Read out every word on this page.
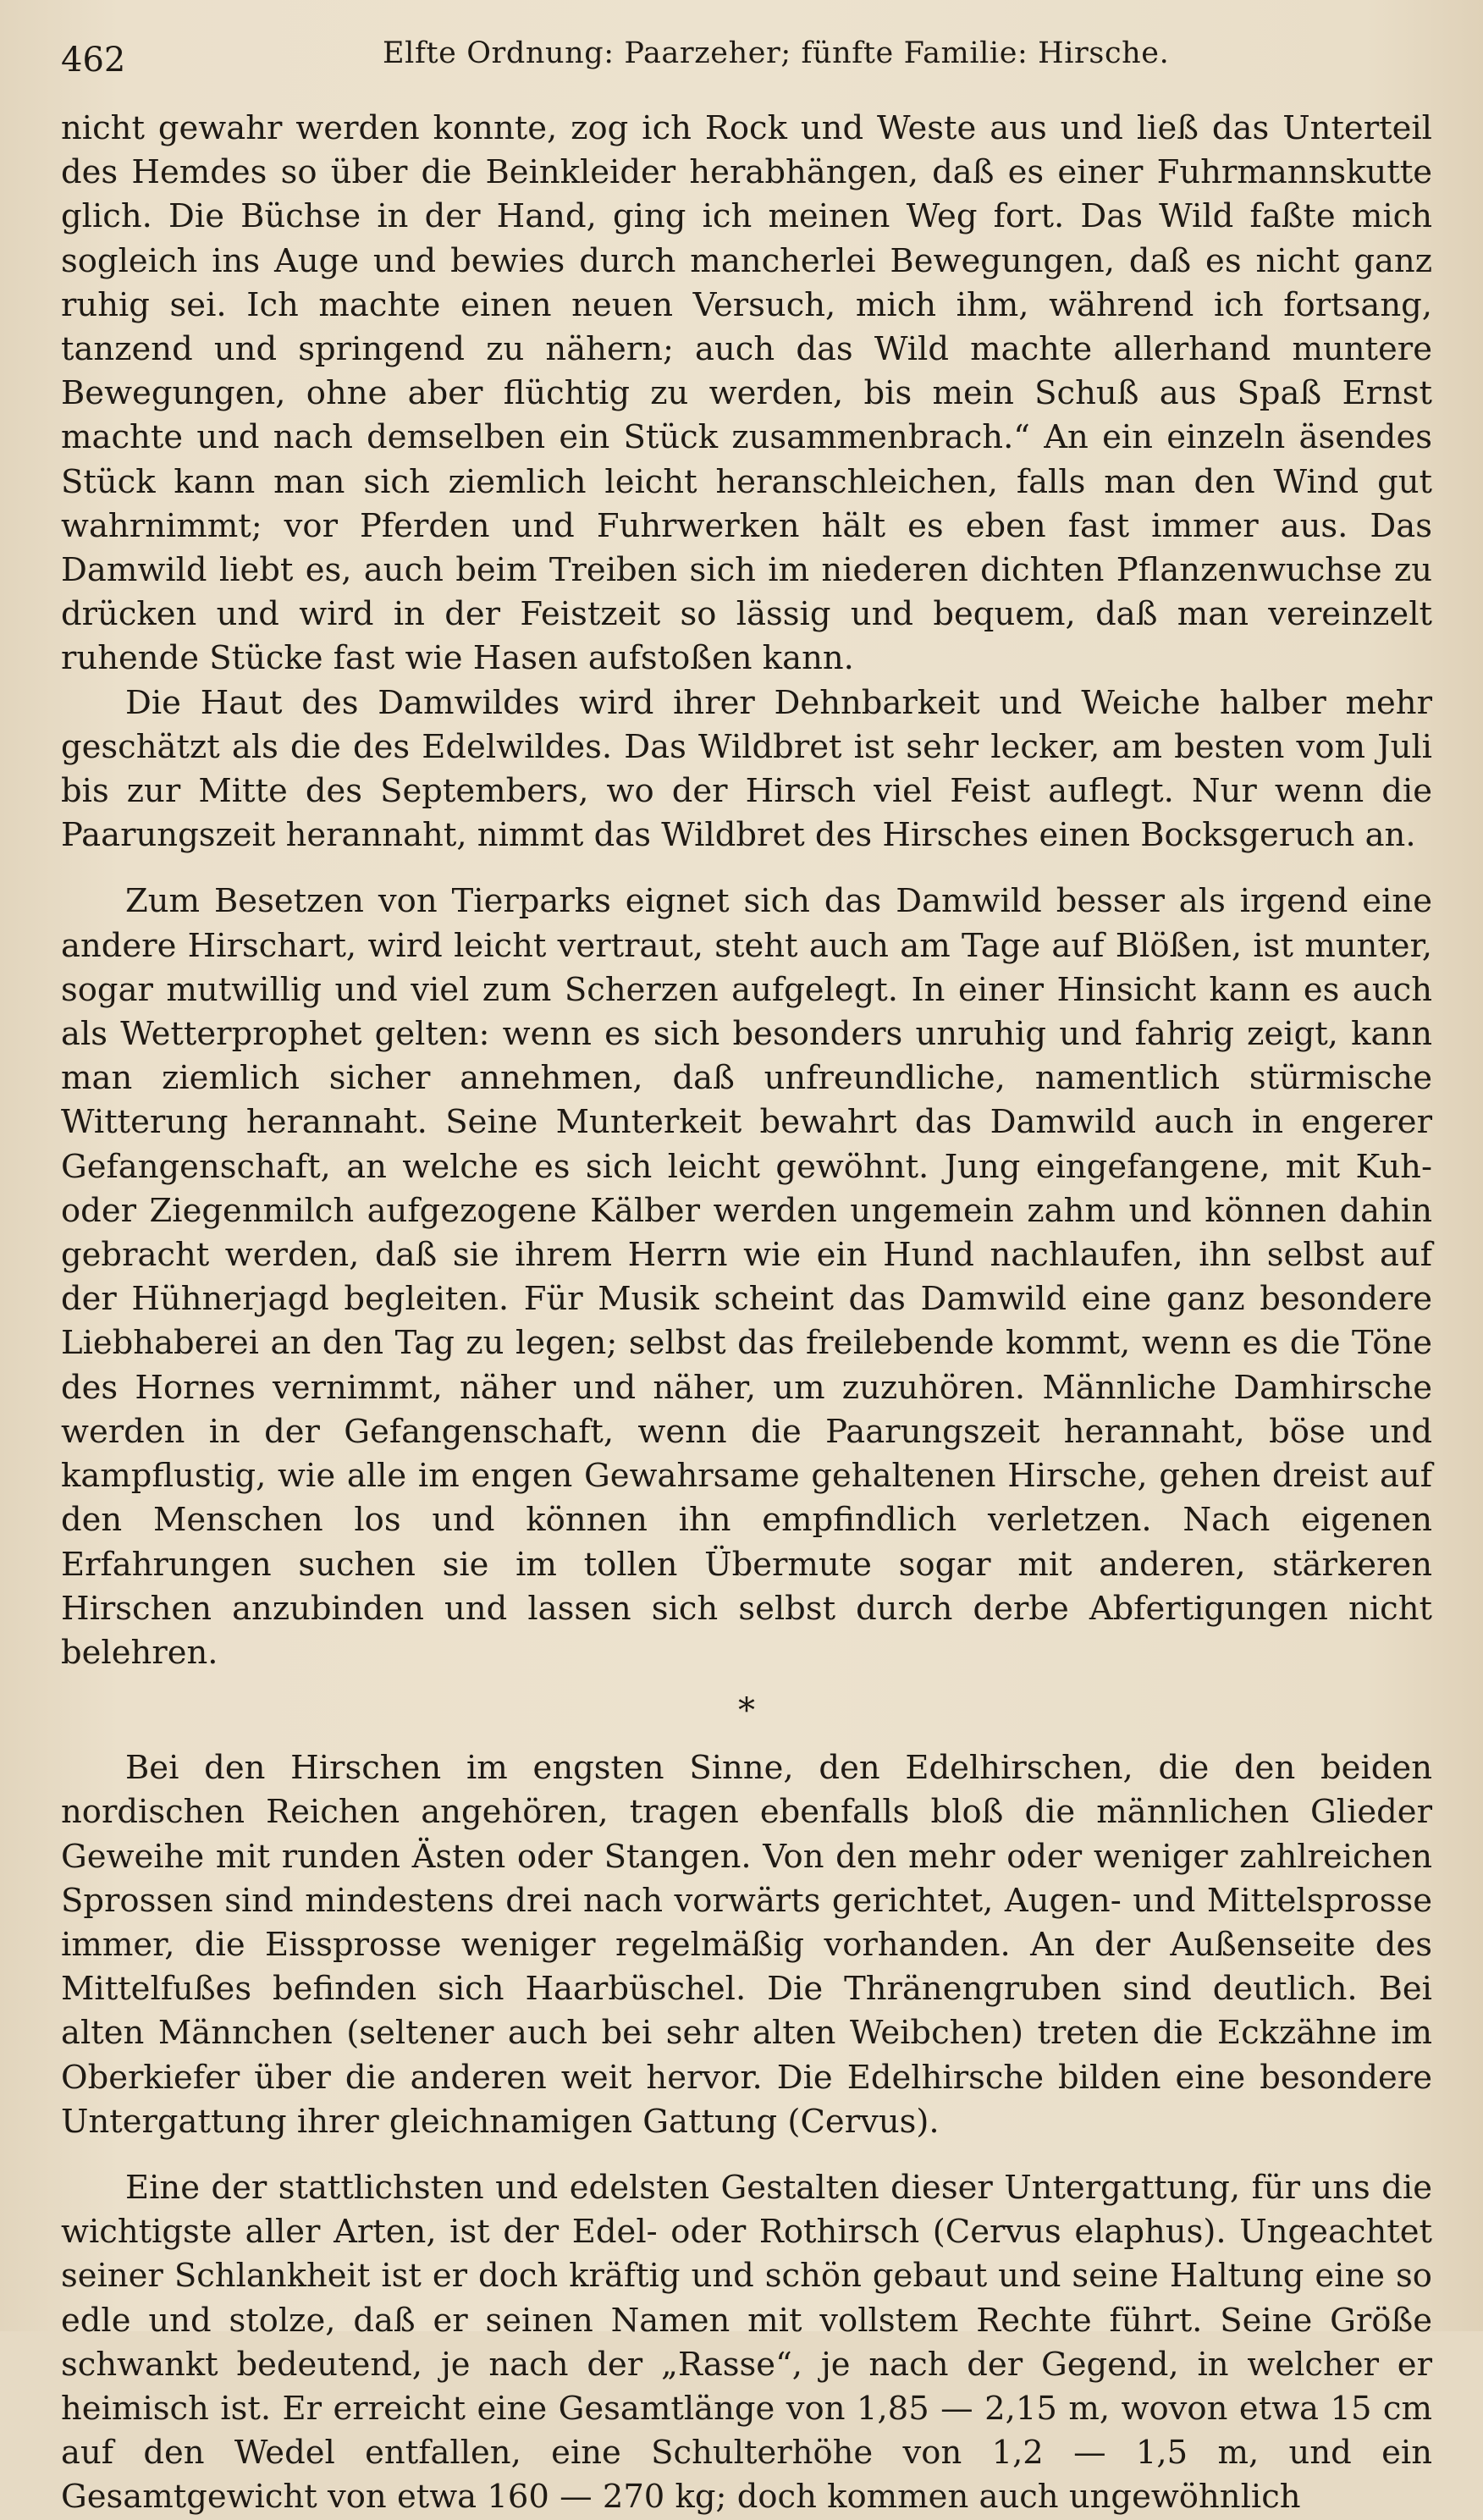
462	Elfte Ordnung: Paarzeher; fünfte Familie: Hirsche.

nicht gewahr werden konnte, zog ich Rock und Weste aus und ließ das Unterteil des Hemdes so über die Beinkleider herabhängen, daß es einer Fuhrmannskutte glich. Die Büchse in der Hand, ging ich meinen Weg fort. Das Wild faßte mich sogleich ins Auge und bewies durch mancherlei Bewegungen, daß es nicht ganz ruhig sei. Ich machte einen neuen Versuch, mich ihm, während ich fortsang, tanzend und springend zu nähern; auch das Wild machte allerhand muntere Bewegungen, ohne aber flüchtig zu werden, bis mein Schuß aus Spaß Ernst machte und nach demselben ein Stück zusammenbrach.“ An ein einzeln äsendes Stück kann man sich ziemlich leicht heranschleichen, falls man den Wind gut wahrnimmt; vor Pferden und Fuhrwerken hält es eben fast immer aus. Das Damwild liebt es, auch beim Treiben sich im niederen dichten Pflanzenwuchse zu drücken und wird in der Feistzeit so lässig und bequem, daß man vereinzelt ruhende Stücke fast wie Hasen aufstoßen kann.

Die Haut des Damwildes wird ihrer Dehnbarkeit und Weiche halber mehr geschätzt als die des Edelwildes. Das Wildbret ist sehr lecker, am besten vom Juli bis zur Mitte des Septembers, wo der Hirsch viel Feist auflegt. Nur wenn die Paarungszeit herannaht, nimmt das Wildbret des Hirsches einen Bocksgeruch an.

Zum Besetzen von Tierparks eignet sich das Damwild besser als irgend eine andere Hirschart, wird leicht vertraut, steht auch am Tage auf Blößen, ist munter, sogar mutwillig und viel zum Scherzen aufgelegt. In einer Hinsicht kann es auch als Wetterprophet gelten: wenn es sich besonders unruhig und fahrig zeigt, kann man ziemlich sicher annehmen, daß unfreundliche, namentlich stürmische Witterung herannaht. Seine Munterkeit bewahrt das Damwild auch in engerer Gefangenschaft, an welche es sich leicht gewöhnt. Jung eingefangene, mit Kuh- oder Ziegenmilch aufgezogene Kälber werden ungemein zahm und können dahin gebracht werden, daß sie ihrem Herrn wie ein Hund nachlaufen, ihn selbst auf der Hühnerjagd begleiten. Für Musik scheint das Damwild eine ganz besondere Liebhaberei an den Tag zu legen; selbst das freilebende kommt, wenn es die Töne des Hornes vernimmt, näher und näher, um zuzuhören. Männliche Damhirsche werden in der Gefangenschaft, wenn die Paarungszeit herannaht, böse und kampflustig, wie alle im engen Gewahrsame gehaltenen Hirsche, gehen dreist auf den Menschen los und können ihn empfindlich verletzen. Nach eigenen Erfahrungen suchen sie im tollen Übermute sogar mit anderen, stärkeren Hirschen anzubinden und lassen sich selbst durch derbe Abfertigungen nicht belehren.

*

Bei den Hirschen im engsten Sinne, den Edelhirschen, die den beiden nordischen Reichen angehören, tragen ebenfalls bloß die männlichen Glieder Geweihe mit runden Ästen oder Stangen. Von den mehr oder weniger zahlreichen Sprossen sind mindestens drei nach vorwärts gerichtet, Augen- und Mittelsprosse immer, die Eissprosse weniger regelmäßig vorhanden. An der Außenseite des Mittelfußes befinden sich Haarbüschel. Die Thränengruben sind deutlich. Bei alten Männchen (seltener auch bei sehr alten Weibchen) treten die Eckzähne im Oberkiefer über die anderen weit hervor. Die Edelhirsche bilden eine besondere Untergattung ihrer gleichnamigen Gattung (Cervus).

Eine der stattlichsten und edelsten Gestalten dieser Untergattung, für uns die wichtigste aller Arten, ist der Edel- oder Rothirsch (Cervus elaphus). Ungeachtet seiner Schlankheit ist er doch kräftig und schön gebaut und seine Haltung eine so edle und stolze, daß er seinen Namen mit vollstem Rechte führt. Seine Größe schwankt bedeutend, je nach der „Rasse“, je nach der Gegend, in welcher er heimisch ist. Er erreicht eine Gesamtlänge von 1,85 — 2,15 m, wovon etwa 15 cm auf den Wedel entfallen, eine Schulterhöhe von 1,2 — 1,5 m, und ein Gesamtgewicht von etwa 160 — 270 kg; doch kommen auch ungewöhnlich
